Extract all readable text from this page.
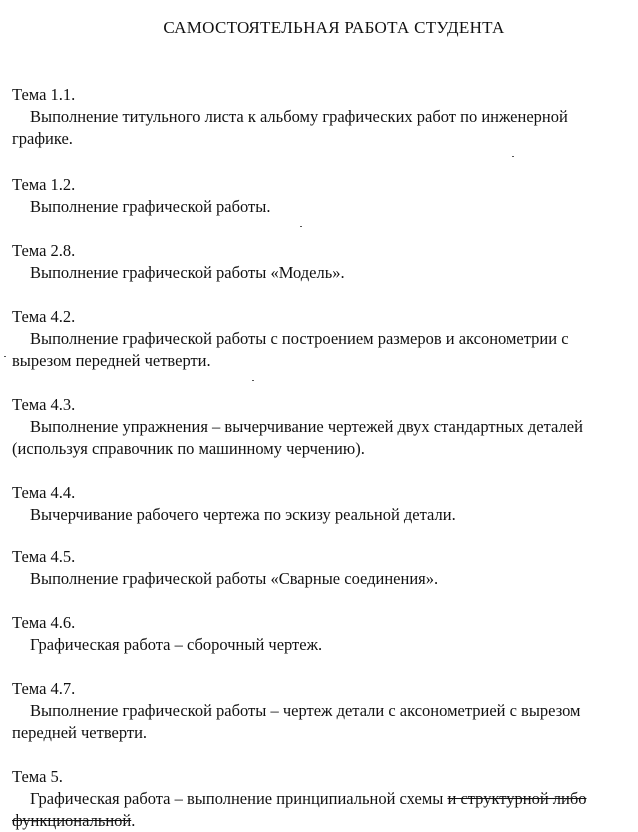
САМОСТОЯТЕЛЬНАЯ РАБОТА СТУДЕНТА
Тема 1.1.
Выполнение титульного листа к альбому графических работ по инженерной графике.
Тема 1.2.
Выполнение графической работы.
Тема 2.8.
Выполнение графической работы «Модель».
Тема 4.2.
Выполнение графической работы с построением размеров и аксонометрии с вырезом передней четверти.
Тема 4.3.
Выполнение упражнения – вычерчивание чертежей двух стандартных деталей (используя справочник по машинному черчению).
Тема 4.4.
Вычерчивание рабочего чертежа по эскизу реальной детали.
Тема 4.5.
Выполнение графической работы «Сварные соединения».
Тема 4.6.
Графическая работа – сборочный чертеж.
Тема 4.7.
Выполнение графической работы – чертеж детали с аксонометрией с вырезом передней четверти.
Тема 5.
Графическая работа – выполнение принципиальной схемы и структурной либо функциональной.
